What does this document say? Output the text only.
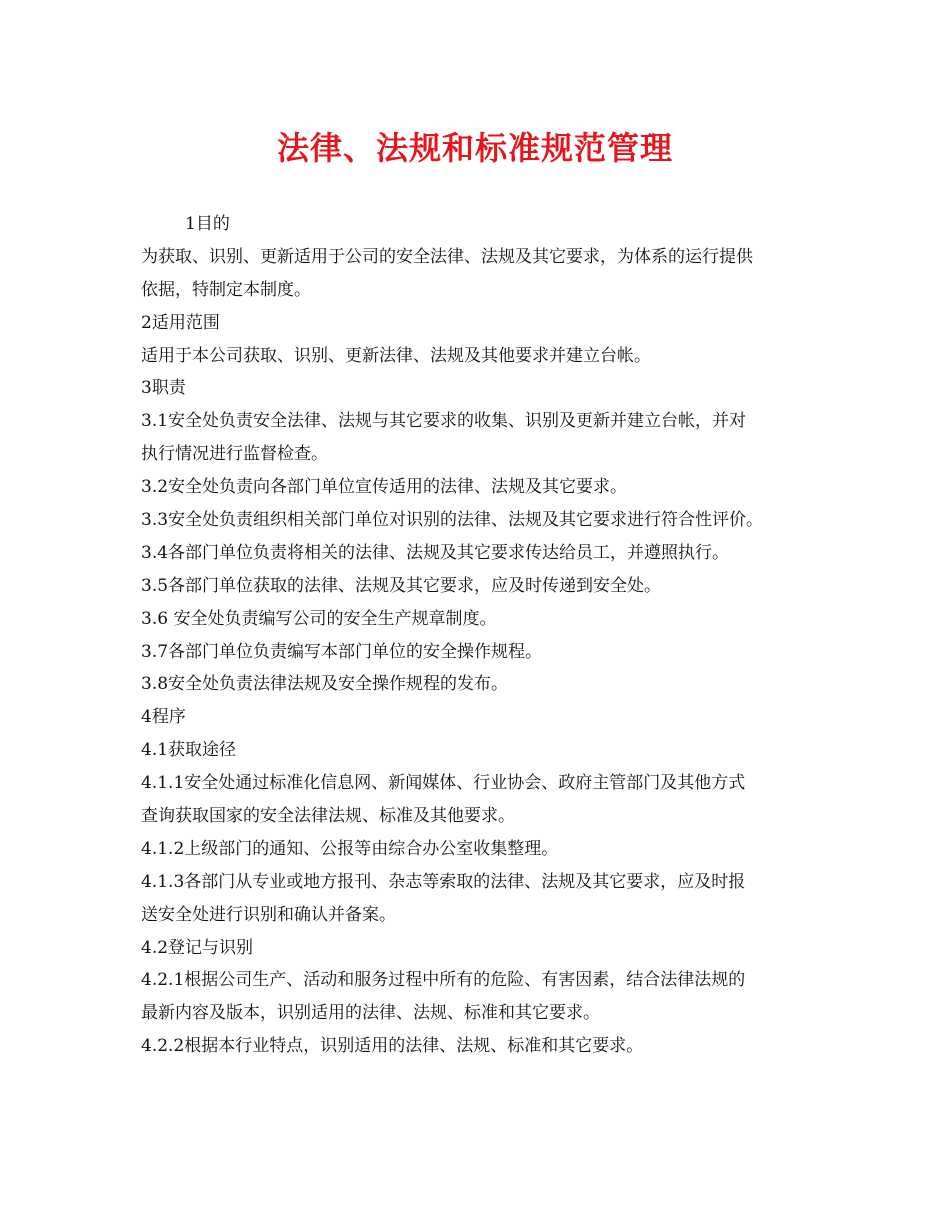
法律、法规和标准规范管理

1目的

为获取、识别、更新适用于公司的安全法律、法规及其它要求，为体系的运行提供

依据，特制定本制度。

2适用范围

适用于本公司获取、识别、更新法律、法规及其他要求并建立台帐。

3职责

3.1安全处负责安全法律、法规与其它要求的收集、识别及更新并建立台帐，并对

执行情况进行监督检查。

3.2安全处负责向各部门单位宣传适用的法律、法规及其它要求。

3.3安全处负责组织相关部门单位对识别的法律、法规及其它要求进行符合性评价。

3.4各部门单位负责将相关的法律、法规及其它要求传达给员工，并遵照执行。

3.5各部门单位获取的法律、法规及其它要求，应及时传递到安全处。

3.6 安全处负责编写公司的安全生产规章制度。

3.7各部门单位负责编写本部门单位的安全操作规程。

3.8安全处负责法律法规及安全操作规程的发布。

4程序

4.1获取途径

4.1.1安全处通过标准化信息网、新闻媒体、行业协会、政府主管部门及其他方式

查询获取国家的安全法律法规、标准及其他要求。

4.1.2上级部门的通知、公报等由综合办公室收集整理。

4.1.3各部门从专业或地方报刊、杂志等索取的法律、法规及其它要求，应及时报

送安全处进行识别和确认并备案。

4.2登记与识别

4.2.1根据公司生产、活动和服务过程中所有的危险、有害因素，结合法律法规的

最新内容及版本，识别适用的法律、法规、标准和其它要求。

4.2.2根据本行业特点，识别适用的法律、法规、标准和其它要求。
